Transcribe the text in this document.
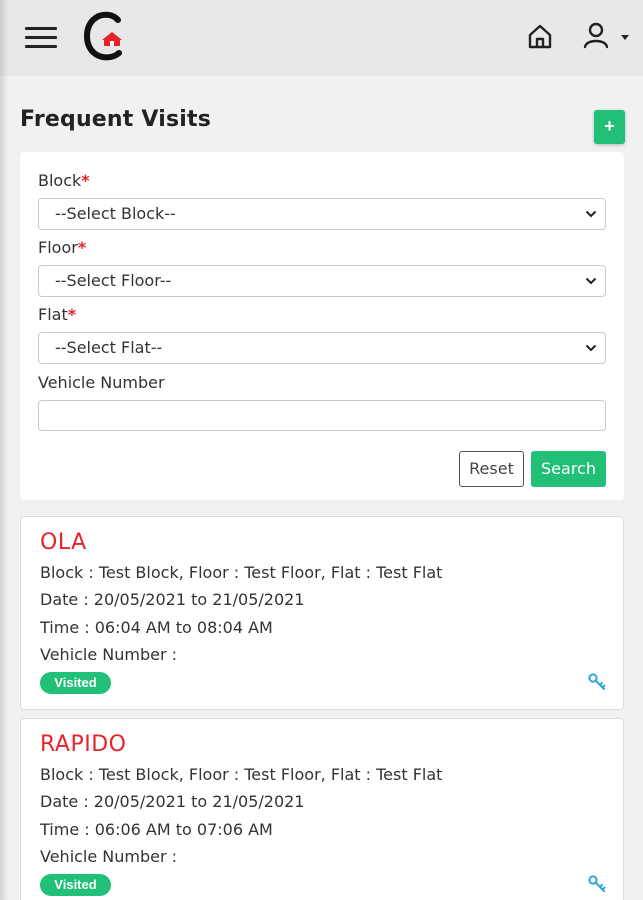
Frequent Visits	+
Block*
--Select Block--
Floor*
--Select Floor--
Flat*
--Select Flat--
Vehicle Number
Reset	Search
OLA
Block : Test Block, Floor : Test Floor, Flat : Test Flat
Date : 20/05/2021 to 21/05/2021
Time : 06:04 AM to 08:04 AM
Vehicle Number :
Visited
RAPIDO
Block : Test Block, Floor : Test Floor, Flat : Test Flat
Date : 20/05/2021 to 21/05/2021
Time : 06:06 AM to 07:06 AM
Vehicle Number :
Visited
